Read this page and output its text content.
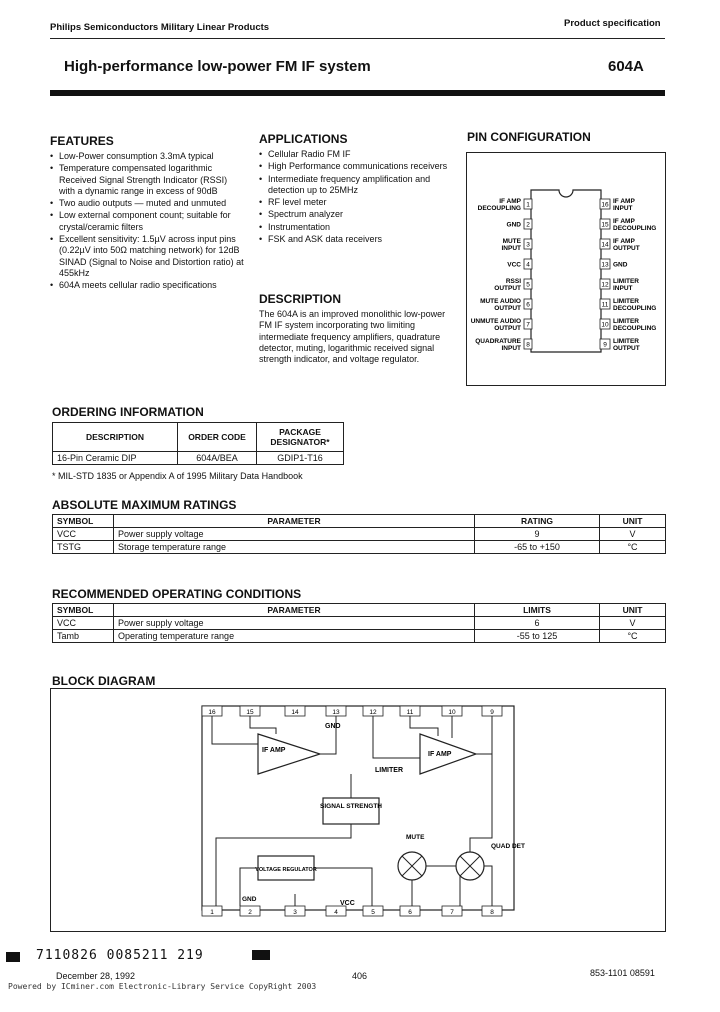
Philips Semiconductors Military Linear Products	Product specification
High-performance low-power FM IF system	604A
FEATURES
• Low-Power consumption 3.3mA typical
• Temperature compensated logarithmic Received Signal Strength Indicator (RSSI) with a dynamic range in excess of 90dB
• Two audio outputs — muted and unmuted
• Low external component count; suitable for crystal/ceramic filters
• Excellent sensitivity: 1.5µV across input pins (0.22µV into 50Ω matching network) for 12dB SINAD (Signal to Noise and Distortion ratio) at 455kHz
• 604A meets cellular radio specifications
APPLICATIONS
• Cellular Radio FM IF
• High Performance communications receivers
• Intermediate frequency amplification and detection up to 25MHz
• RF level meter
• Spectrum analyzer
• Instrumentation
• FSK and ASK data receivers
DESCRIPTION
The 604A is an improved monolithic low-power FM IF system incorporating two limiting intermediate frequency amplifiers, quadrature detector, muting, logarithmic received signal strength indicator, and voltage regulator.
PIN CONFIGURATION
1
IF AMP
DECOUPLING
2
GND
3
MUTE
INPUT
4
VCC
5
RSSI
OUTPUT
6
MUTE AUDIO
OUTPUT
7
UNMUTE AUDIO
OUTPUT
8
QUADRATURE
INPUT
16 IF AMP
INPUT
15 IF AMP
DECOUPLING
14 IF AMP
OUTPUT
13 GND
12 LIMITER
INPUT
11 LIMITER
DECOUPLING
10 LIMITER
DECOUPLING
9 LIMITER
OUTPUT
ORDERING INFORMATION
DESCRIPTION	ORDER CODE	PACKAGE DESIGNATOR*
16-Pin Ceramic DIP	604A/BEA	GDIP1-T16
* MIL-STD 1835 or Appendix A of 1995 Military Data Handbook
ABSOLUTE MAXIMUM RATINGS
SYMBOL	PARAMETER	RATING	UNIT
VCC	Power supply voltage	9	V
TSTG	Storage temperature range	-65 to +150	°C
RECOMMENDED OPERATING CONDITIONS
SYMBOL	PARAMETER	LIMITS	UNIT
VCC	Power supply voltage	6	V
Tamb	Operating temperature range	-55 to 125	°C
BLOCK DIAGRAM
16	15	14	13	12	11	10	9
1	2	3	4	5	6	7	8
IF AMP
IF AMP
LIMITER
GND
SIGNAL STRENGTH
VOLTAGE REGULATOR
MUTE
QUAD DET
GND
VCC
7110826 0085211 219
December 28, 1992	406	853-1101 08591
Powered by ICminer.com Electronic-Library Service CopyRight 2003
